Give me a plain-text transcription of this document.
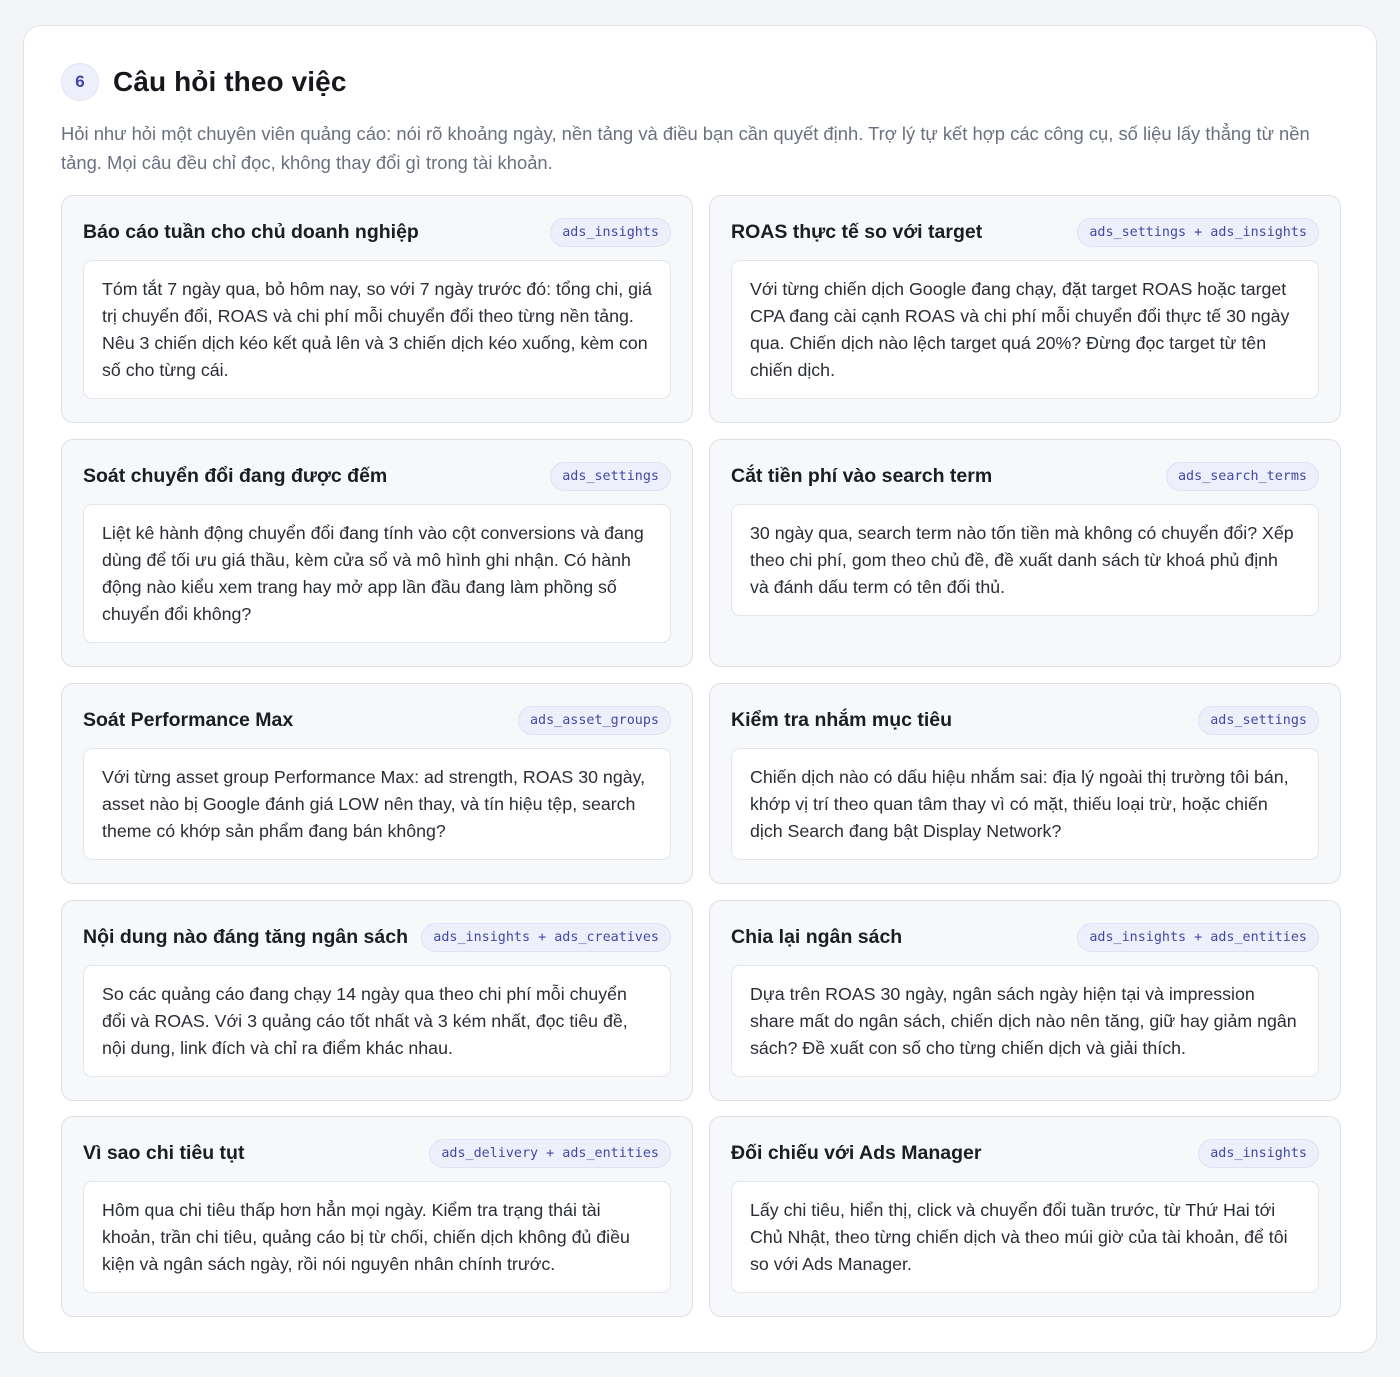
6	Câu hỏi theo việc

Hỏi như hỏi một chuyên viên quảng cáo: nói rõ khoảng ngày, nền tảng và điều bạn cần quyết định. Trợ lý tự kết hợp các công cụ, số liệu lấy thẳng từ nền tảng. Mọi câu đều chỉ đọc, không thay đổi gì trong tài khoản.

Báo cáo tuần cho chủ doanh nghiệp	ads_insights
Tóm tắt 7 ngày qua, bỏ hôm nay, so với 7 ngày trước đó: tổng chi, giá trị chuyển đổi, ROAS và chi phí mỗi chuyển đổi theo từng nền tảng. Nêu 3 chiến dịch kéo kết quả lên và 3 chiến dịch kéo xuống, kèm con số cho từng cái.
ROAS thực tế so với target	ads_settings + ads_insights
Với từng chiến dịch Google đang chạy, đặt target ROAS hoặc target CPA đang cài cạnh ROAS và chi phí mỗi chuyển đổi thực tế 30 ngày qua. Chiến dịch nào lệch target quá 20%? Đừng đọc target từ tên chiến dịch.
Soát chuyển đổi đang được đếm	ads_settings
Liệt kê hành động chuyển đổi đang tính vào cột conversions và đang dùng để tối ưu giá thầu, kèm cửa sổ và mô hình ghi nhận. Có hành động nào kiểu xem trang hay mở app lần đầu đang làm phồng số chuyển đổi không?
Cắt tiền phí vào search term	ads_search_terms
30 ngày qua, search term nào tốn tiền mà không có chuyển đổi? Xếp theo chi phí, gom theo chủ đề, đề xuất danh sách từ khoá phủ định và đánh dấu term có tên đối thủ.
Soát Performance Max	ads_asset_groups
Với từng asset group Performance Max: ad strength, ROAS 30 ngày, asset nào bị Google đánh giá LOW nên thay, và tín hiệu tệp, search theme có khớp sản phẩm đang bán không?
Kiểm tra nhắm mục tiêu	ads_settings
Chiến dịch nào có dấu hiệu nhắm sai: địa lý ngoài thị trường tôi bán, khớp vị trí theo quan tâm thay vì có mặt, thiếu loại trừ, hoặc chiến dịch Search đang bật Display Network?
Nội dung nào đáng tăng ngân sách	ads_insights + ads_creatives
So các quảng cáo đang chạy 14 ngày qua theo chi phí mỗi chuyển đổi và ROAS. Với 3 quảng cáo tốt nhất và 3 kém nhất, đọc tiêu đề, nội dung, link đích và chỉ ra điểm khác nhau.
Chia lại ngân sách	ads_insights + ads_entities
Dựa trên ROAS 30 ngày, ngân sách ngày hiện tại và impression share mất do ngân sách, chiến dịch nào nên tăng, giữ hay giảm ngân sách? Đề xuất con số cho từng chiến dịch và giải thích.
Vì sao chi tiêu tụt	ads_delivery + ads_entities
Hôm qua chi tiêu thấp hơn hẳn mọi ngày. Kiểm tra trạng thái tài khoản, trần chi tiêu, quảng cáo bị từ chối, chiến dịch không đủ điều kiện và ngân sách ngày, rồi nói nguyên nhân chính trước.
Đối chiếu với Ads Manager	ads_insights
Lấy chi tiêu, hiển thị, click và chuyển đổi tuần trước, từ Thứ Hai tới Chủ Nhật, theo từng chiến dịch và theo múi giờ của tài khoản, để tôi so với Ads Manager.
